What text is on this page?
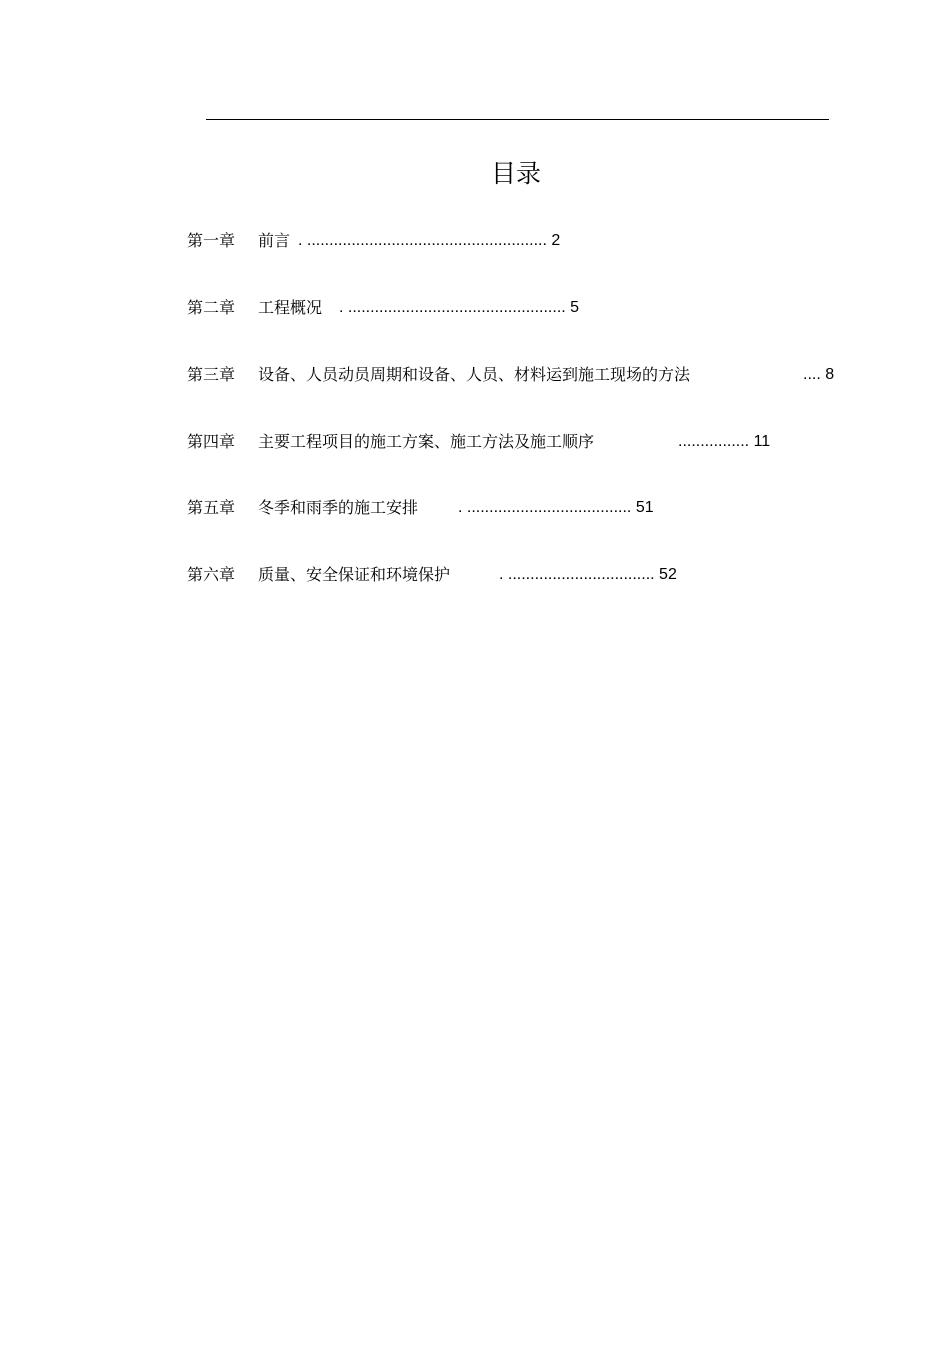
目录
第一章 前言 . ...................................................... 2
第二章 工程概况 . ................................................. 5
第三章 设备、人员动员周期和设备、人员、材料运到施工现场的方法	.... 8
第四章 主要工程项目的施工方案、施工方法及施工顺序	................ 11
第五章 冬季和雨季的施工安排 . ..................................... 51
第六章 质量、安全保证和环境保护	. ................................. 52
